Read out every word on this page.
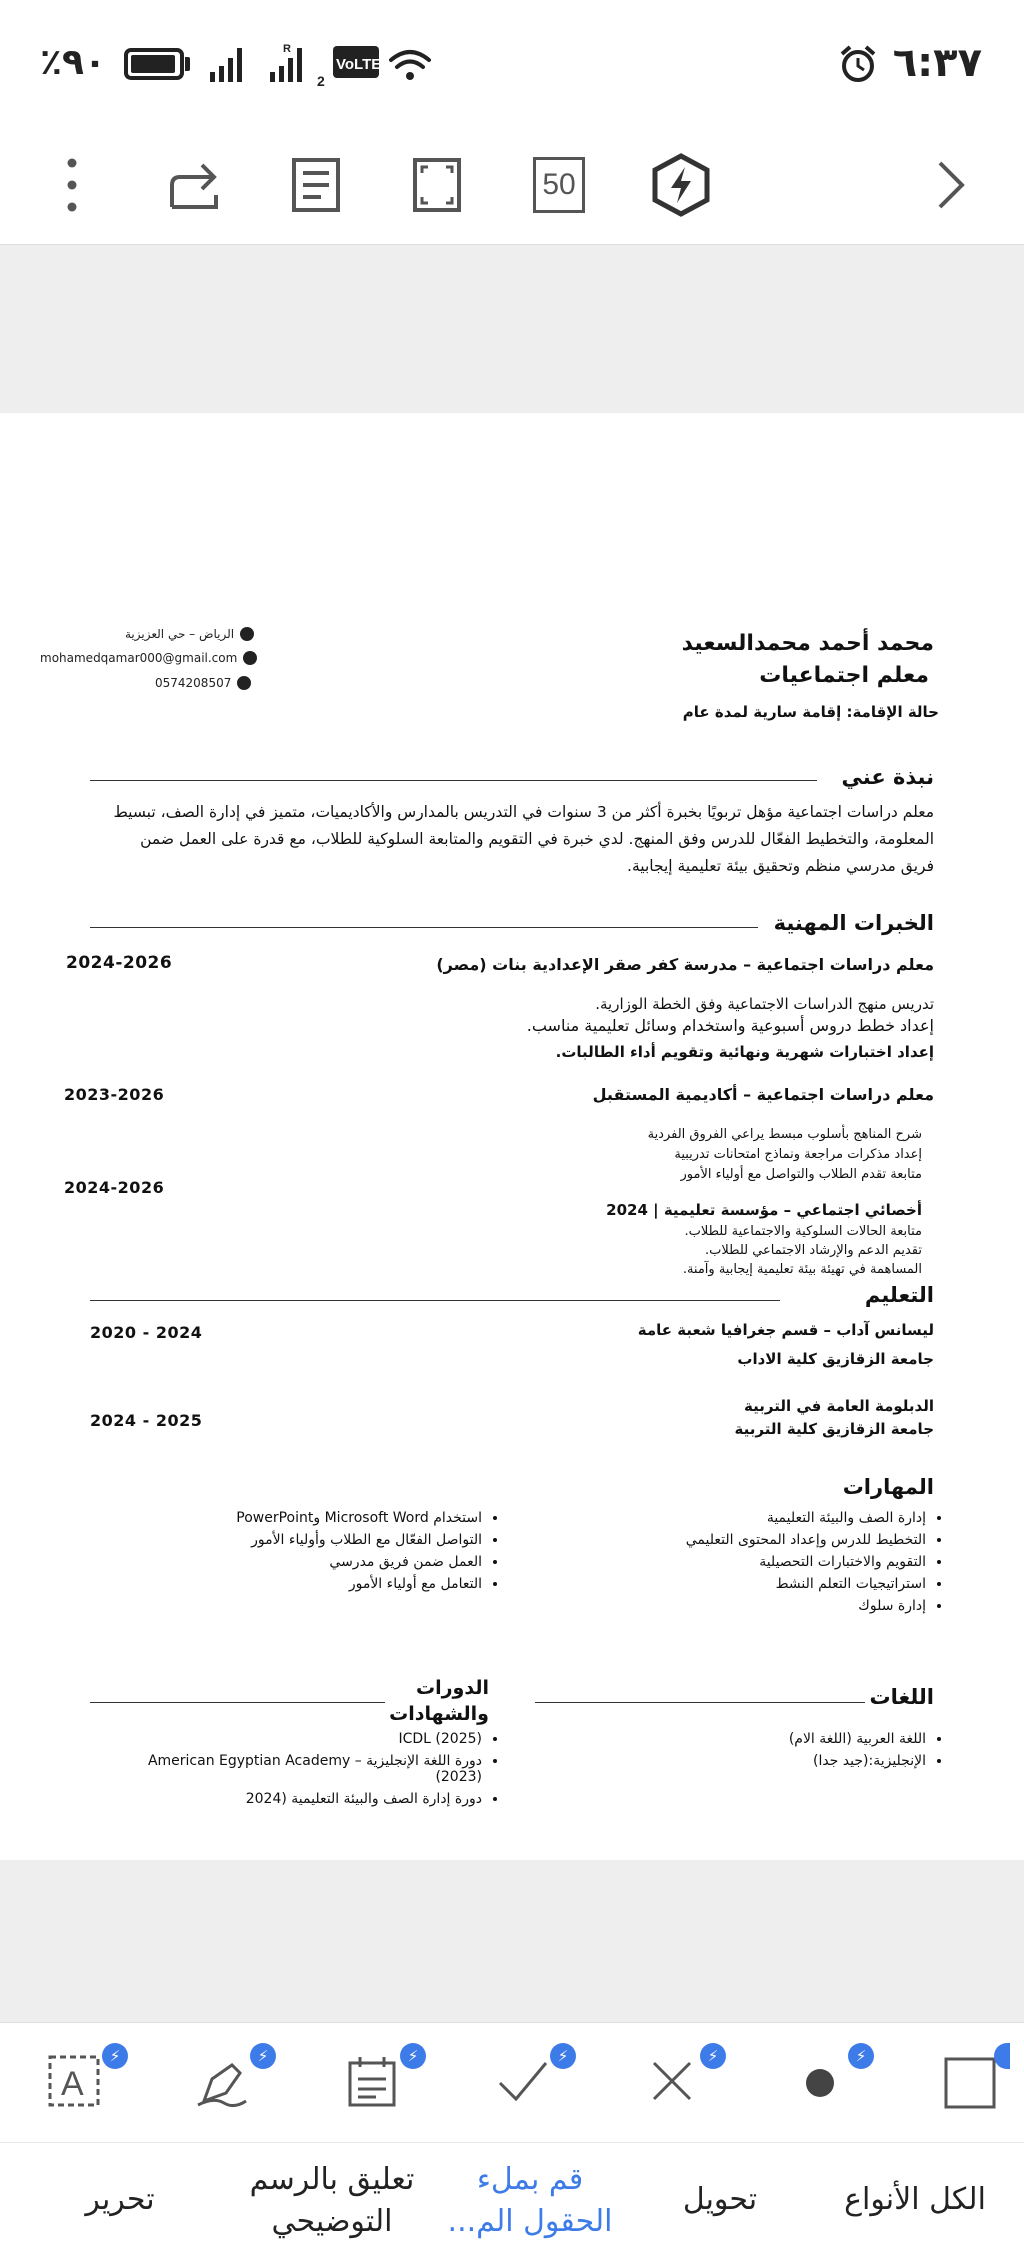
٪٩٠	R
2
VoLTE	٦:٣٧
50
محمد أحمد محمدالسعيد
معلم اجتماعيات
حالة الإقامة: إقامة سارية لمدة عام
الرياض – حي العزيزية
mohamedqamar000@gmail.com
0574208507
نبذة عني
معلم دراسات اجتماعية مؤهل تربويًا بخبرة أكثر من 3 سنوات في التدريس بالمدارس والأكاديميات، متميز في إدارة الصف، تبسيط
المعلومة، والتخطيط الفعّال للدرس وفق المنهج. لدي خبرة في التقويم والمتابعة السلوكية للطلاب، مع قدرة على العمل ضمن
فريق مدرسي منظم وتحقيق بيئة تعليمية إيجابية.
الخبرات المهنية
معلم دراسات اجتماعية – مدرسة كفر صقر الإعدادية بنات (مصر)
2024-2026
تدريس منهج الدراسات الاجتماعية وفق الخطة الوزارية.
إعداد خطط دروس أسبوعية واستخدام وسائل تعليمية مناسب.
إعداد اختبارات شهرية ونهائية وتقويم أداء الطالبات.
معلم دراسات اجتماعية – أكاديمية المستقبل
2023-2026
شرح المناهج بأسلوب مبسط يراعي الفروق الفردية
إعداد مذكرات مراجعة ونماذج امتحانات تدريبية
متابعة تقدم الطلاب والتواصل مع أولياء الأمور
أخصائي اجتماعي – مؤسسة تعليمية | 2024
2024-2026
متابعة الحالات السلوكية والاجتماعية للطلاب.
تقديم الدعم والإرشاد الاجتماعي للطلاب.
المساهمة في تهيئة بيئة تعليمية إيجابية وآمنة.
التعليم
ليسانس آداب – قسم جغرافيا شعبة عامة
جامعة الزقازيق كلية الاداب
2020 - 2024
الدبلومة العامة في التربية
جامعة الزقازيق كلية التربية
2024 - 2025
المهارات
• إدارة الصف والبيئة التعليمية
• التخطيط للدرس وإعداد المحتوى التعليمي
• التقويم والاختبارات التحصيلية
• استراتيجيات التعلم النشط
• إدارة سلوك
• استخدام Microsoft Word وPowerPoint
• التواصل الفعّال مع الطلاب وأولياء الأمور
• العمل ضمن فريق مدرسي
• التعامل مع أولياء الأمور
اللغات
• اللغة العربية (اللغة الام)
• الإنجليزية:(جيد جدا)
الدورات
والشهادات
• ICDL (2025)
• دورة اللغة الإنجليزية – American Egyptian Academy (2023)
• دورة إدارة الصف والبيئة التعليمية (2024
A
⚡	⚡	⚡	⚡	⚡	⚡
تحرير
تعليق بالرسم
التوضيحي
قم بملء
الحقول الم...
تحويل	الكل الأنواع
